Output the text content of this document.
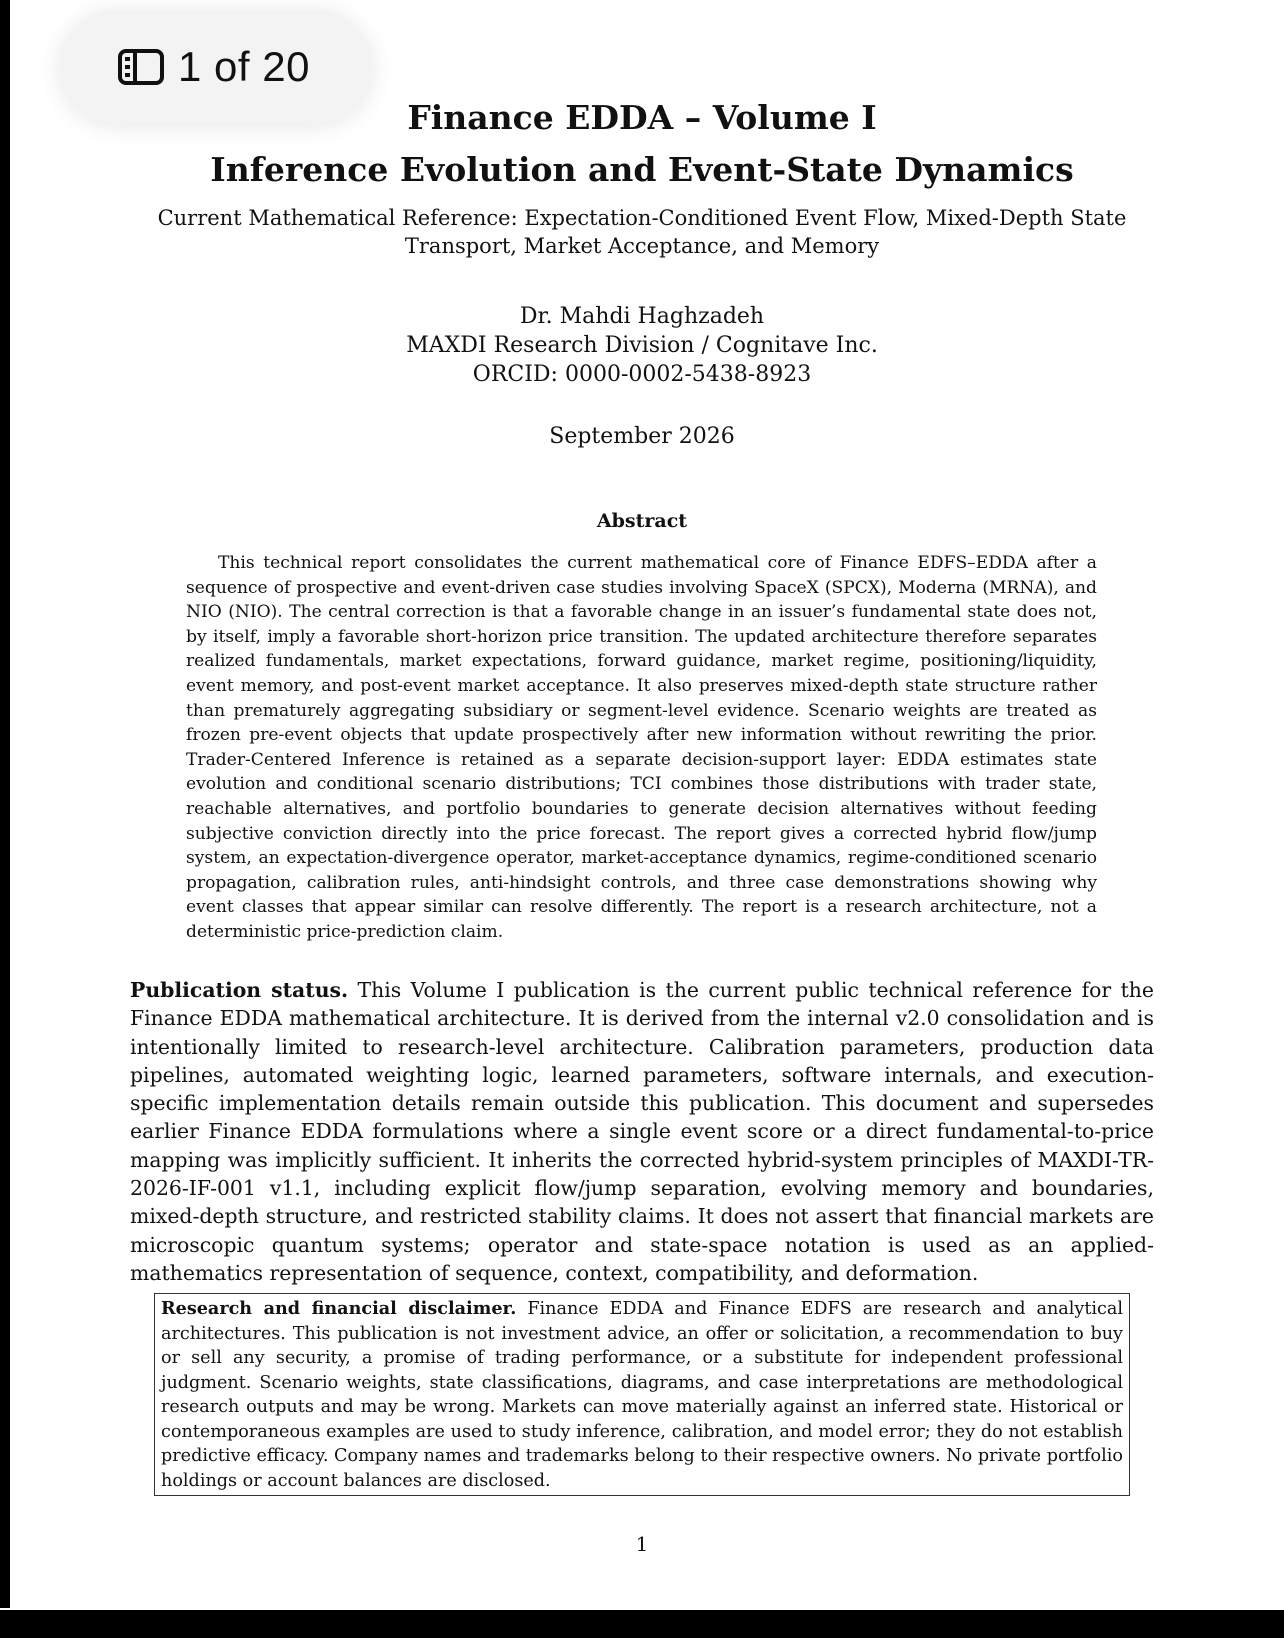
1 of 20
Finance EDDA – Volume I
Inference Evolution and Event-State Dynamics
Current Mathematical Reference: Expectation-Conditioned Event Flow, Mixed-Depth State Transport, Market Acceptance, and Memory
Dr. Mahdi Haghzadeh
MAXDI Research Division / Cognitave Inc.
ORCID: 0000-0002-5438-8923
September 2026
Abstract
This technical report consolidates the current mathematical core of Finance EDFS–EDDA after a sequence of prospective and event-driven case studies involving SpaceX (SPCX), Moderna (MRNA), and NIO (NIO). The central correction is that a favorable change in an issuer’s fundamental state does not, by itself, imply a favorable short-horizon price transition. The updated architecture therefore separates realized fundamentals, market expectations, forward guidance, market regime, positioning/liquidity, event memory, and post-event market acceptance. It also preserves mixed-depth state structure rather than prematurely aggregating subsidiary or segment-level evidence. Scenario weights are treated as frozen pre-event objects that update prospectively after new information without rewriting the prior. Trader-Centered Inference is retained as a separate decision-support layer: EDDA estimates state evolution and conditional scenario distributions; TCI combines those distributions with trader state, reachable alternatives, and portfolio boundaries to generate decision alternatives without feeding subjective conviction directly into the price forecast. The report gives a corrected hybrid flow/jump system, an expectation-divergence operator, market-acceptance dynamics, regime-conditioned scenario propagation, calibration rules, anti-hindsight controls, and three case demonstrations showing why event classes that appear similar can resolve differently. The report is a research architecture, not a deterministic price-prediction claim.
Publication status. This Volume I publication is the current public technical reference for the Finance EDDA mathematical architecture. It is derived from the internal v2.0 consolidation and is intentionally limited to research-level architecture. Calibration parameters, production data pipelines, automated weighting logic, learned parameters, software internals, and execution-specific implementation details remain outside this publication. This document and supersedes earlier Finance EDDA formulations where a single event score or a direct fundamental-to-price mapping was implicitly sufficient. It inherits the corrected hybrid-system principles of MAXDI-TR-2026-IF-001 v1.1, including explicit flow/jump separation, evolving memory and boundaries, mixed-depth structure, and restricted stability claims. It does not assert that financial markets are microscopic quantum systems; operator and state-space notation is used as an applied-mathematics representation of sequence, context, compatibility, and deformation.
Research and financial disclaimer. Finance EDDA and Finance EDFS are research and analytical architectures. This publication is not investment advice, an offer or solicitation, a recommendation to buy or sell any security, a promise of trading performance, or a substitute for independent professional judgment. Scenario weights, state classifications, diagrams, and case interpretations are methodological research outputs and may be wrong. Markets can move materially against an inferred state. Historical or contemporaneous examples are used to study inference, calibration, and model error; they do not establish predictive efficacy. Company names and trademarks belong to their respective owners. No private portfolio holdings or account balances are disclosed.
1
